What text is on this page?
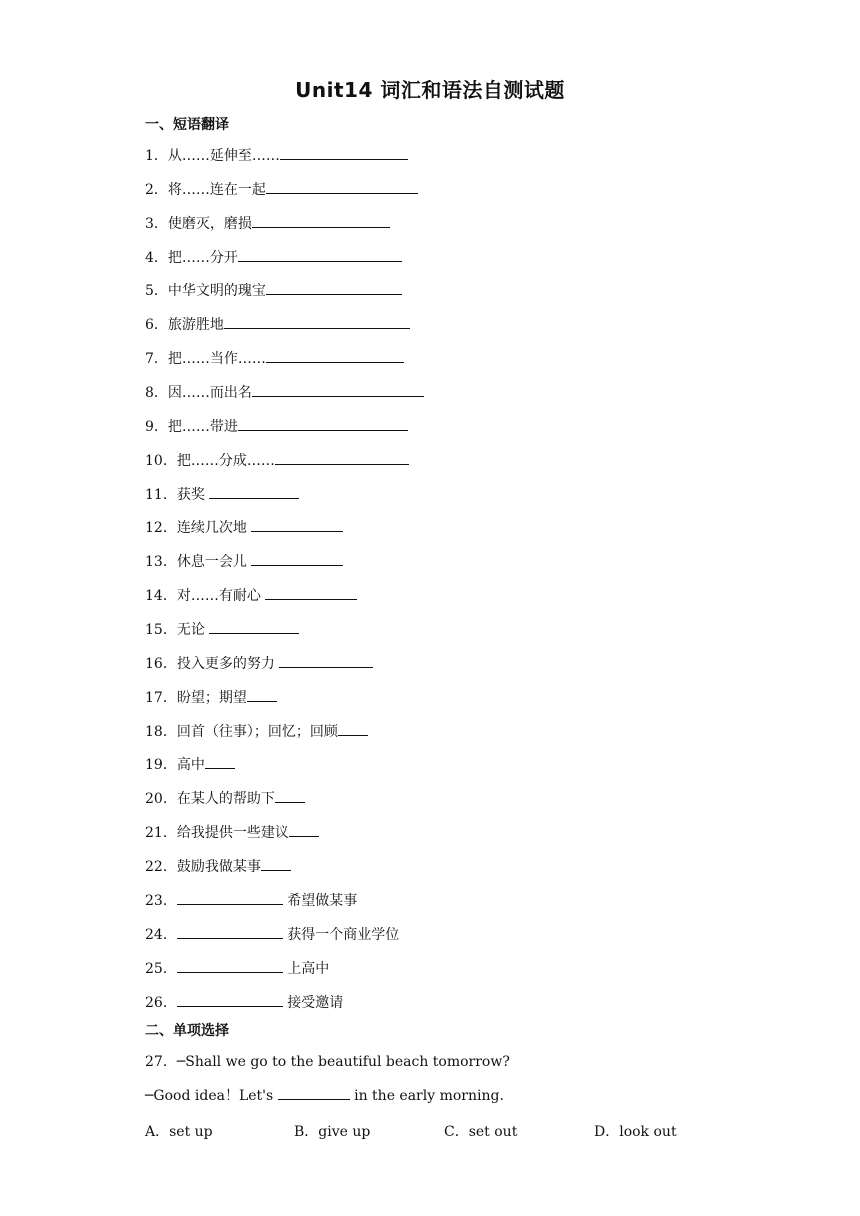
Unit14 词汇和语法自测试题
一、短语翻译
1．从……延伸至……
2．将……连在一起
3．使磨灭，磨损
4．把……分开
5．中华文明的瑰宝
6．旅游胜地
7．把……当作……
8．因……而出名
9．把……带进
10．把……分成……
11．获奖
12．连续几次地
13．休息一会儿
14．对……有耐心
15．无论
16．投入更多的努力
17．盼望；期望
18．回首（往事）；回忆；回顾
19．高中
20．在某人的帮助下
21．给我提供一些建议
22．鼓励我做某事
23．	希望做某事
24．	获得一个商业学位
25．	上高中
26．	接受邀请
二、单项选择
27．─Shall we go to the beautiful beach tomorrow?
─Good idea！Let's	in the early morning.
A．set up	B．give up	C．set out	D．look out
